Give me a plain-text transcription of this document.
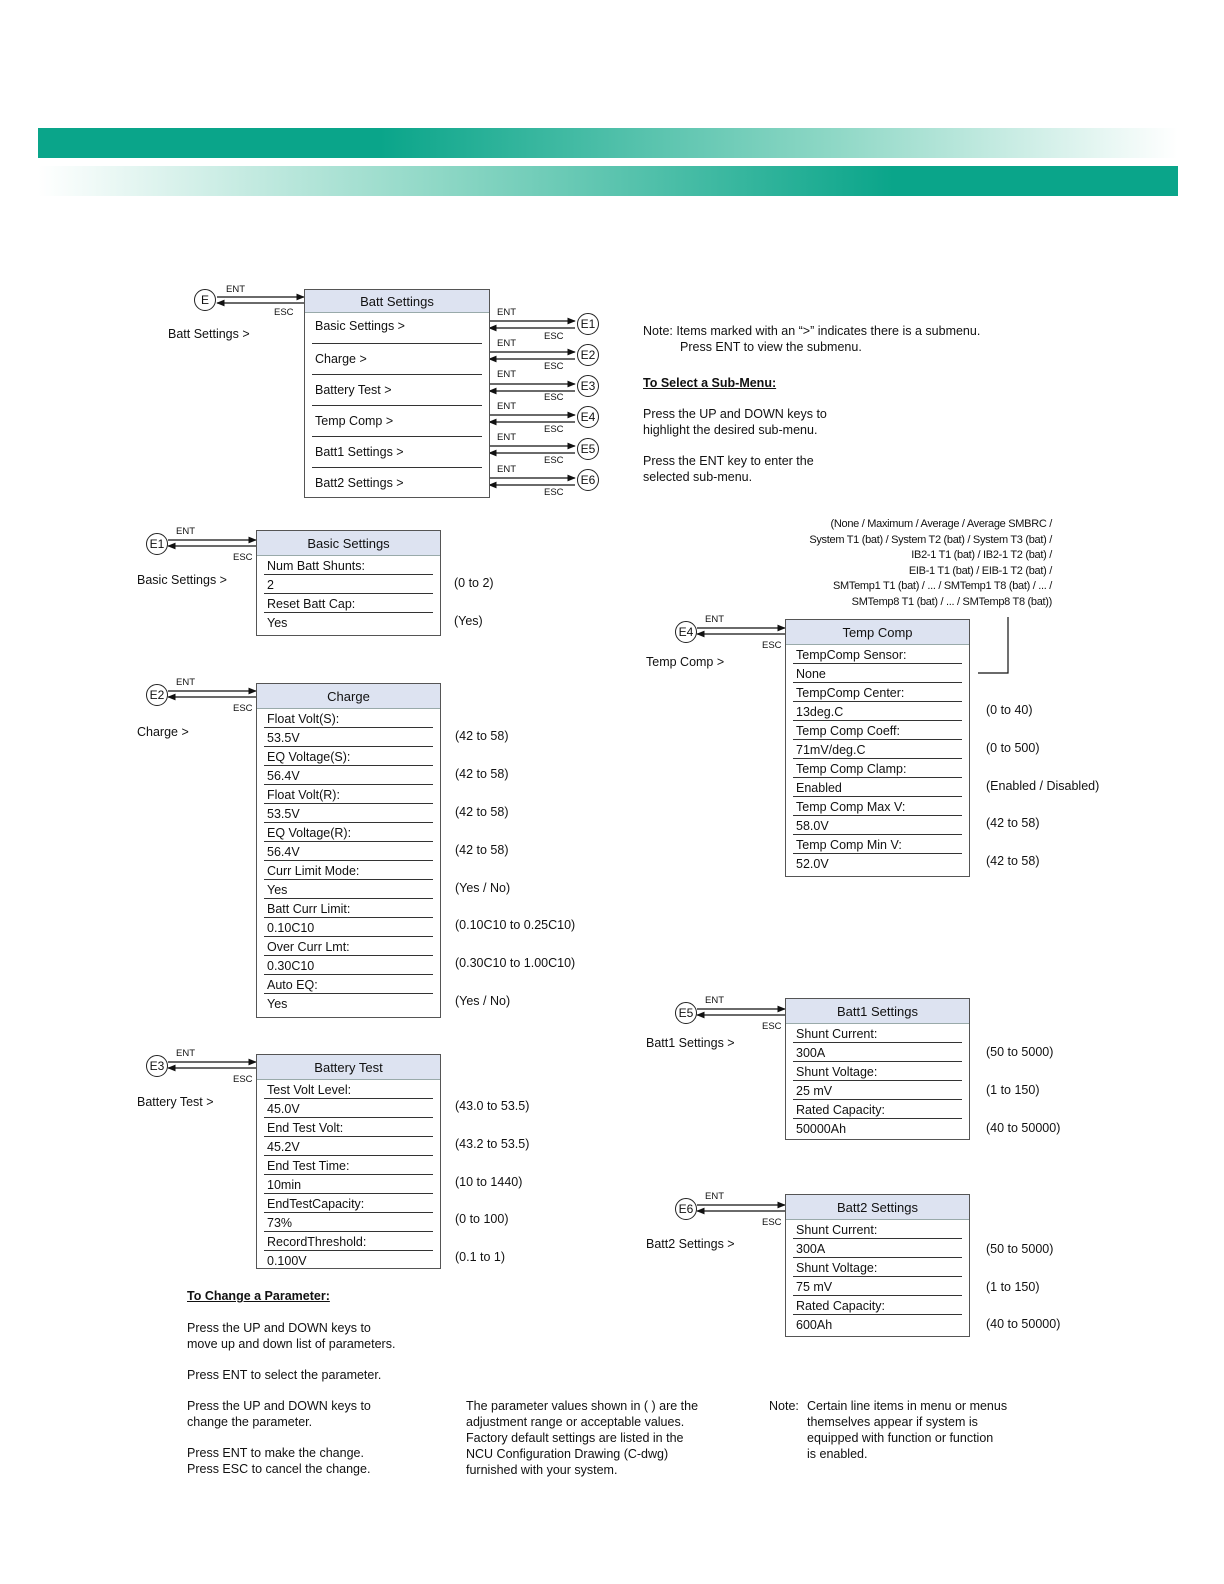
E
ENT
ESC
Batt Settings >
Batt Settings
Basic Settings >
Charge >
Battery Test >
Temp Comp >
Batt1 Settings >
Batt2 Settings >
ENT
ESC
E1
ENT
ESC
E2
ENT
ESC
E3
ENT
ESC
E4
ENT
ESC
E5
ENT
ESC
E6
Note: Items marked with an “>” indicates there is a submenu.
Press ENT to view the submenu.
To Select a Sub-Menu:
Press the UP and DOWN keys to
highlight the desired sub-menu.
Press the ENT key to enter the
selected sub-menu.
E1
ENT
ESC
Basic Settings >
Basic Settings
Num Batt Shunts:
2
Reset Batt Cap:
Yes
(0 to 2)
(Yes)
E2
ENT
ESC
Charge >
Charge
Float Volt(S):
53.5V
EQ Voltage(S):
56.4V
Float Volt(R):
53.5V
EQ Voltage(R):
56.4V
Curr Limit Mode:
Yes
Batt Curr Limit:
0.10C10
Over Curr Lmt:
0.30C10
Auto EQ:
Yes
(42 to 58)
(42 to 58)
(42 to 58)
(42 to 58)
(Yes / No)
(0.10C10 to 0.25C10)
(0.30C10 to 1.00C10)
(Yes / No)
E3
ENT
ESC
Battery Test >
Battery Test
Test Volt Level:
45.0V
End Test Volt:
45.2V
End Test Time:
10min
EndTestCapacity:
73%
RecordThreshold:
0.100V
(43.0 to 53.5)
(43.2 to 53.5)
(10 to 1440)
(0 to 100)
(0.1 to 1)
(None / Maximum / Average / Average SMBRC /
System T1 (bat) / System T2 (bat) / System T3 (bat) /
IB2-1 T1 (bat) / IB2-1 T2 (bat) /
EIB-1 T1 (bat) / EIB-1 T2 (bat) /
SMTemp1 T1 (bat) / ... / SMTemp1 T8 (bat) / ... /
SMTemp8 T1 (bat) / ... / SMTemp8 T8 (bat))
E4
ENT
ESC
Temp Comp >
Temp Comp
TempComp Sensor:
None
TempComp Center:
13deg.C
Temp Comp Coeff:
71mV/deg.C
Temp Comp Clamp:
Enabled
Temp Comp Max V:
58.0V
Temp Comp Min V:
52.0V
(0 to 40)
(0 to 500)
(Enabled / Disabled)
(42 to 58)
(42 to 58)
E5
ENT
ESC
Batt1 Settings >
Batt1 Settings
Shunt Current:
300A
Shunt Voltage:
25 mV
Rated Capacity:
50000Ah
(50 to 5000)
(1 to 150)
(40 to 50000)
E6
ENT
ESC
Batt2 Settings >
Batt2 Settings
Shunt Current:
300A
Shunt Voltage:
75 mV
Rated Capacity:
600Ah
(50 to 5000)
(1 to 150)
(40 to 50000)
To Change a Parameter:
Press the UP and DOWN keys to
move up and down list of parameters.
Press ENT to select the parameter.
Press the UP and DOWN keys to
change the parameter.
Press ENT to make the change.
Press ESC to cancel the change.
The parameter values shown in ( ) are the
adjustment range or acceptable values.
Factory default settings are listed in the
NCU Configuration Drawing (C-dwg)
furnished with your system.
Note: Certain line items in menu or menus
themselves appear if system is
equipped with function or function
is enabled.
